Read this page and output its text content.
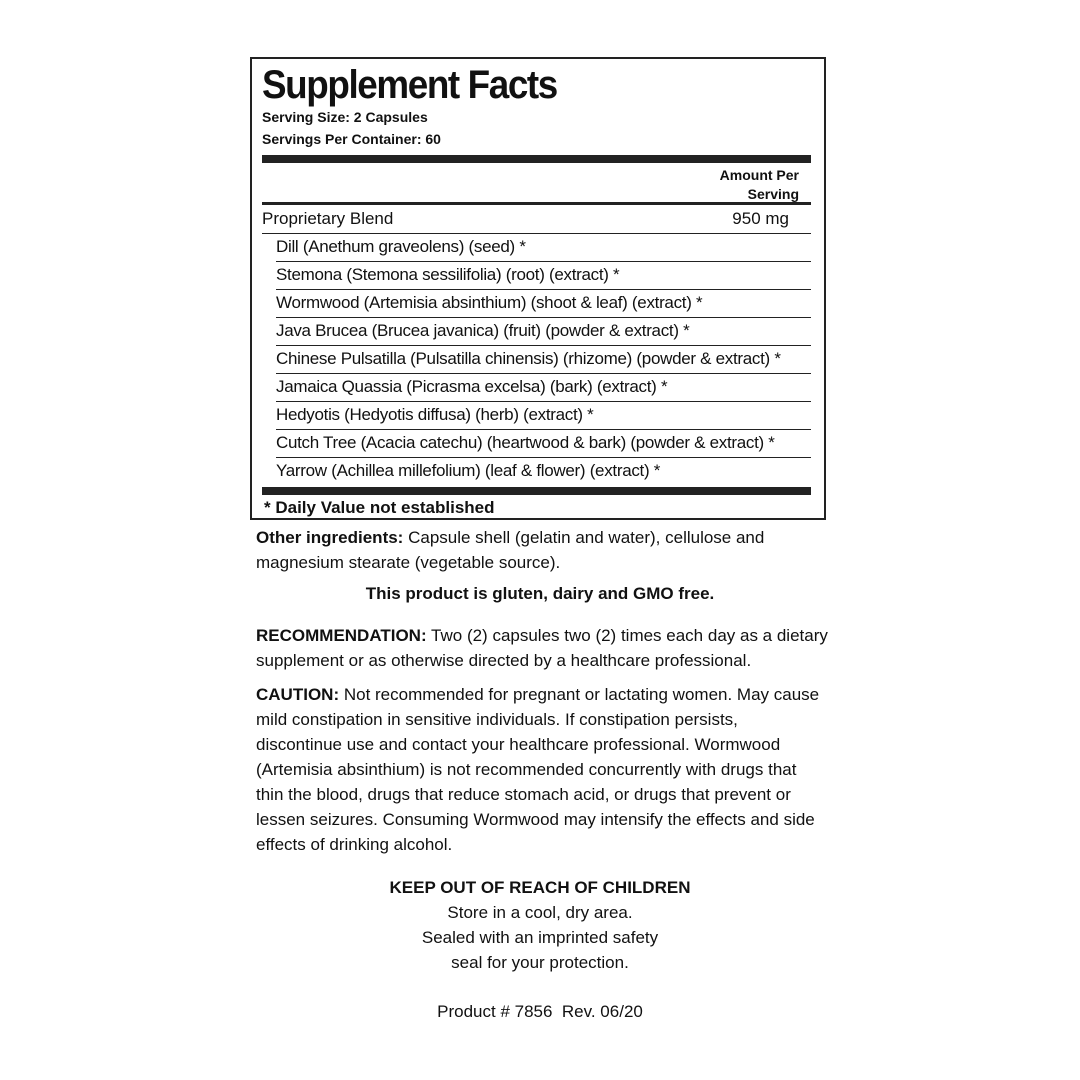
Supplement Facts
Serving Size: 2 Capsules
Servings Per Container: 60
Amount Per
Serving
Proprietary Blend	950 mg
Dill (Anethum graveolens) (seed) *
Stemona (Stemona sessilifolia) (root) (extract) *
Wormwood (Artemisia absinthium) (shoot & leaf) (extract) *
Java Brucea (Brucea javanica) (fruit) (powder & extract) *
Chinese Pulsatilla (Pulsatilla chinensis) (rhizome) (powder & extract) *
Jamaica Quassia (Picrasma excelsa) (bark) (extract) *
Hedyotis (Hedyotis diffusa) (herb) (extract) *
Cutch Tree (Acacia catechu) (heartwood & bark) (powder & extract) *
Yarrow (Achillea millefolium) (leaf & flower) (extract) *
* Daily Value not established
Other ingredients: Capsule shell (gelatin and water), cellulose and magnesium stearate (vegetable source).
This product is gluten, dairy and GMO free.
RECOMMENDATION: Two (2) capsules two (2) times each day as a dietary supplement or as otherwise directed by a healthcare professional.
CAUTION: Not recommended for pregnant or lactating women. May cause mild constipation in sensitive individuals. If constipation persists, discontinue use and contact your healthcare professional. Wormwood (Artemisia absinthium) is not recommended concurrently with drugs that thin the blood, drugs that reduce stomach acid, or drugs that prevent or lessen seizures. Consuming Wormwood may intensify the effects and side effects of drinking alcohol.
KEEP OUT OF REACH OF CHILDREN
Store in a cool, dry area.
Sealed with an imprinted safety
seal for your protection.
Product # 7856  Rev. 06/20
